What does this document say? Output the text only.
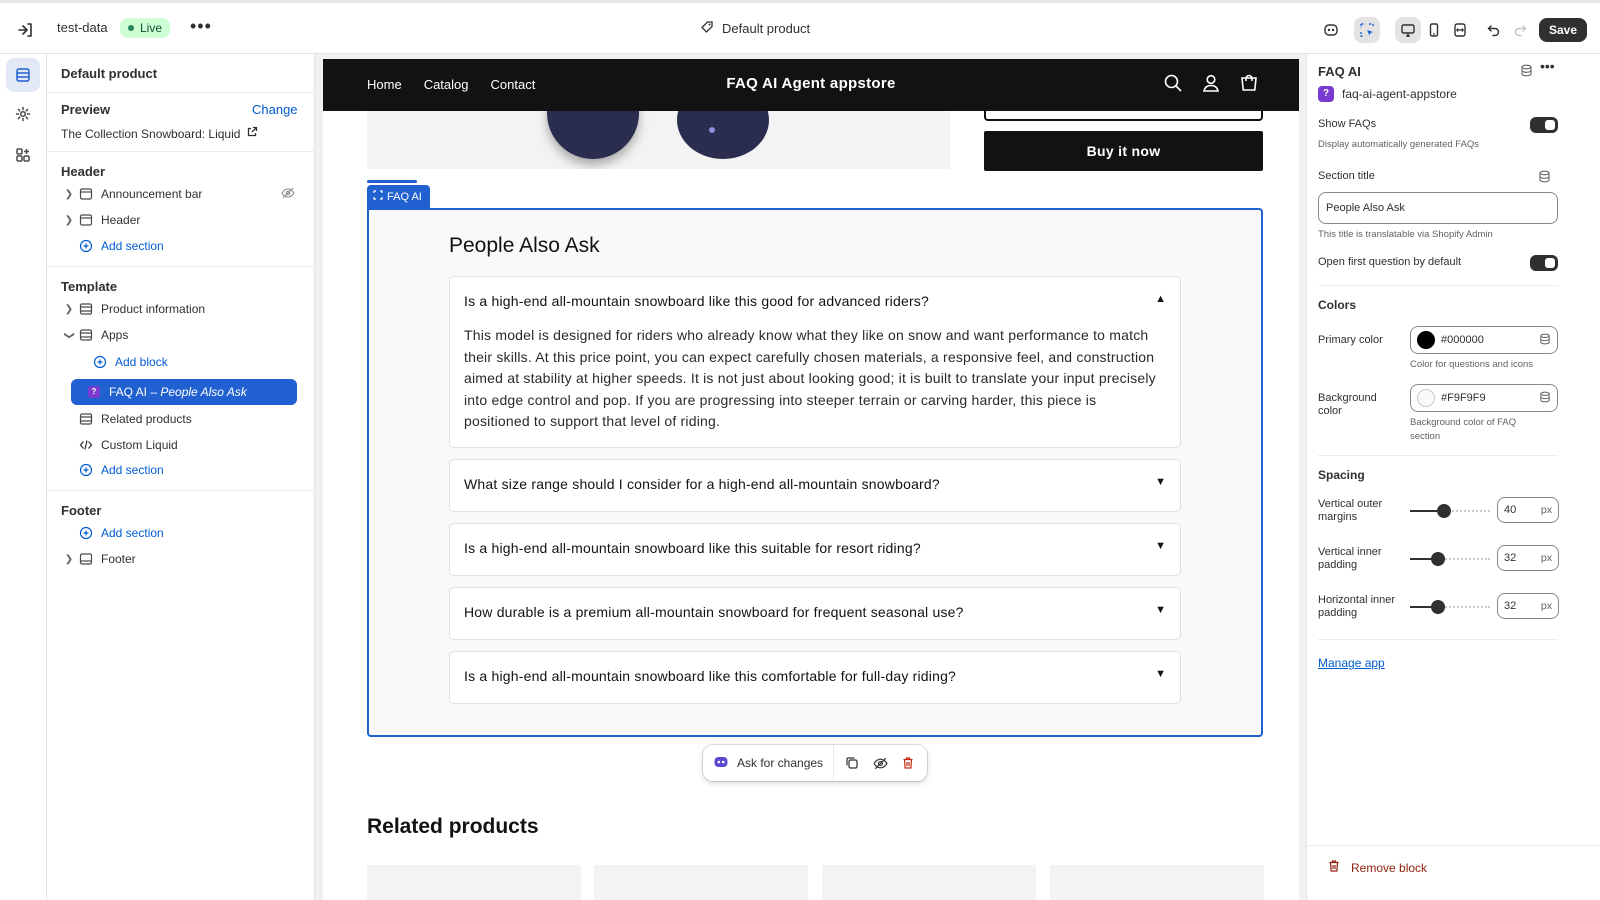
test-data	Live	•••	Default product	Save
Default product
Preview	Change
The Collection Snowboard: Liquid
Header
❯	Announcement bar
❯	Header
Add section
Template
❯	Product information
❯ Apps
Add block
? FAQ AI – People Also Ask
Related products
Custom Liquid
Add section
Footer
Add section
❯	Footer
Home Catalog Contact	FAQ AI Agent appstore
Buy it now
FAQ AI
People Also Ask
Is a high-end all-mountain snowboard like this good for advanced riders?	▲
This model is designed for riders who already know what they like on snow and want performance to match their skills. At this price point, you can expect carefully chosen materials, a responsive feel, and construction aimed at stability at higher speeds. It is not just about looking good; it is built to translate your input precisely into edge control and pop. If you are progressing into steeper terrain or carving harder, this piece is positioned to support that level of riding.
What size range should I consider for a high-end all-mountain snowboard?	▼
Is a high-end all-mountain snowboard like this suitable for resort riding?	▼
How durable is a premium all-mountain snowboard for frequent seasonal use?	▼
Is a high-end all-mountain snowboard like this comfortable for full-day riding?	▼
Ask for changes
Related products
FAQ AI	•••
?	faq-ai-agent-appstore
Show FAQs
Display automatically generated FAQs
Section title
People Also Ask
This title is translatable via Shopify Admin
Open first question by default
Colors
Primary color	#000000
Color for questions and icons
Background
color
#F9F9F9
Background color of FAQ
section
Spacing
Vertical outer
margins
40 px
Vertical inner
padding
32 px
Horizontal inner
padding
32 px
Manage app
Remove block
